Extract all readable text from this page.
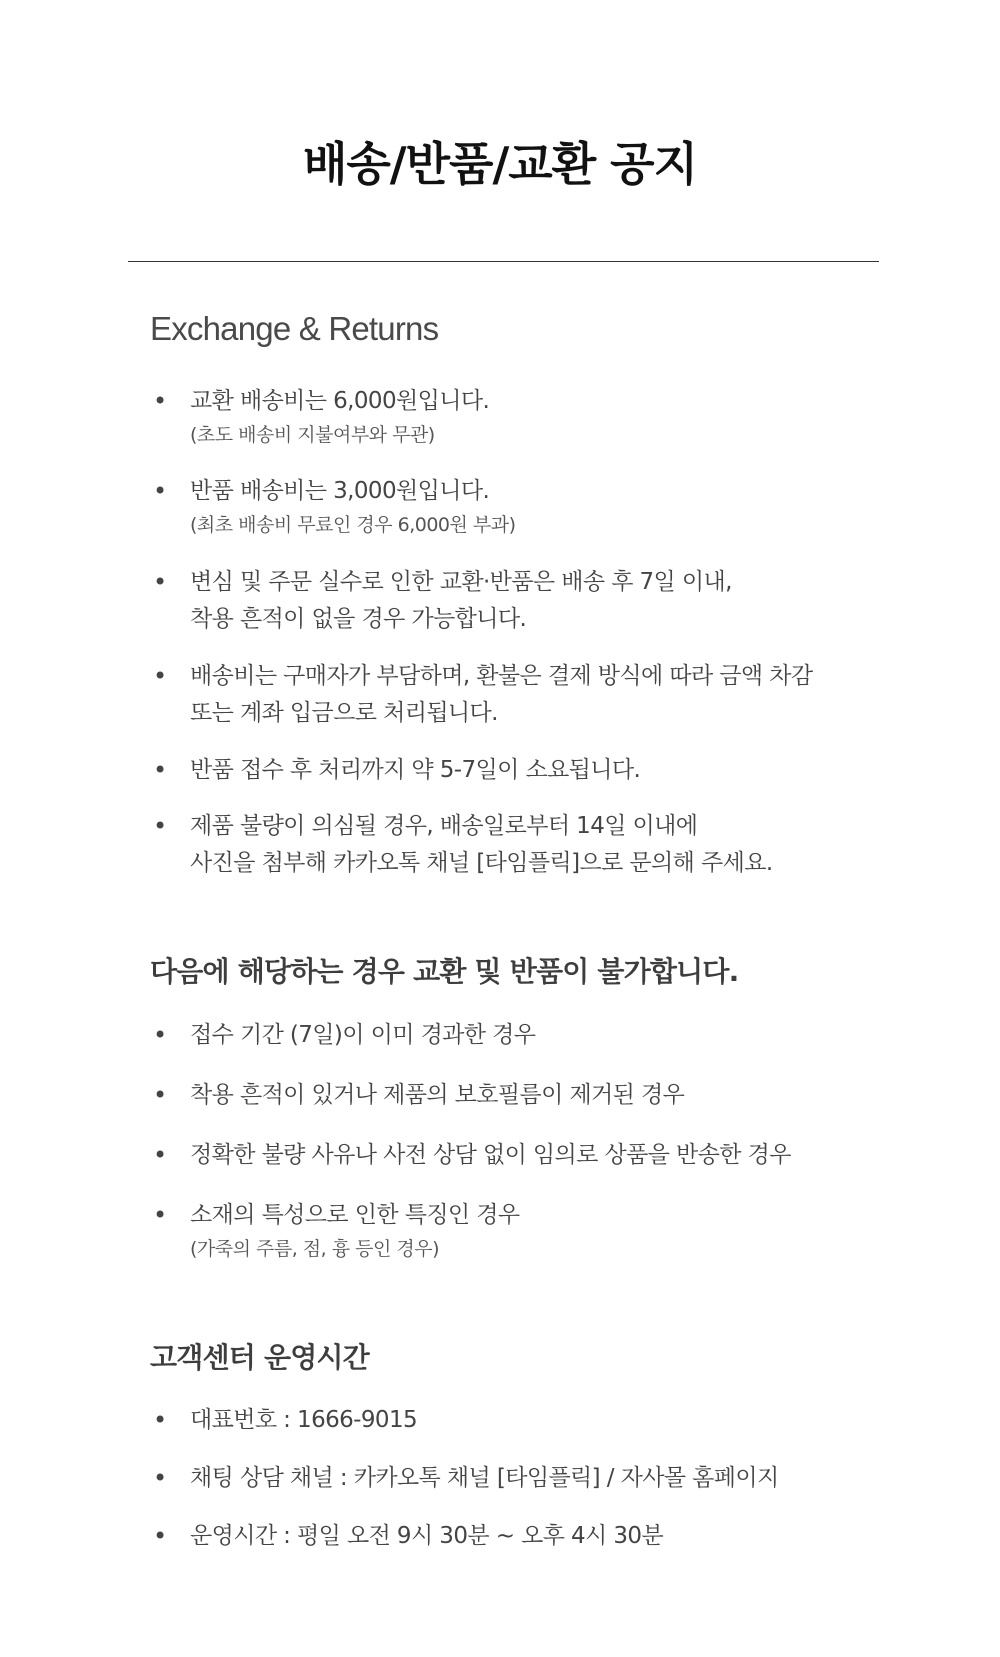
배송/반품/교환 공지
Exchange & Returns
• 교환 배송비는 6,000원입니다.
(초도 배송비 지불여부와 무관)
• 반품 배송비는 3,000원입니다.
(최초 배송비 무료인 경우 6,000원 부과)
• 변심 및 주문 실수로 인한 교환·반품은 배송 후 7일 이내,
착용 흔적이 없을 경우 가능합니다.
• 배송비는 구매자가 부담하며, 환불은 결제 방식에 따라 금액 차감
또는 계좌 입금으로 처리됩니다.
• 반품 접수 후 처리까지 약 5-7일이 소요됩니다.
• 제품 불량이 의심될 경우, 배송일로부터 14일 이내에
사진을 첨부해 카카오톡 채널 [타임플릭]으로 문의해 주세요.
다음에 해당하는 경우 교환 및 반품이 불가합니다.
• 접수 기간 (7일)이 이미 경과한 경우
• 착용 흔적이 있거나 제품의 보호필름이 제거된 경우
• 정확한 불량 사유나 사전 상담 없이 임의로 상품을 반송한 경우
• 소재의 특성으로 인한 특징인 경우
(가죽의 주름, 점, 흉 등인 경우)
고객센터 운영시간
• 대표번호 : 1666-9015
• 채팅 상담 채널 : 카카오톡 채널 [타임플릭] / 자사몰 홈페이지
• 운영시간 : 평일 오전 9시 30분 ~ 오후 4시 30분
